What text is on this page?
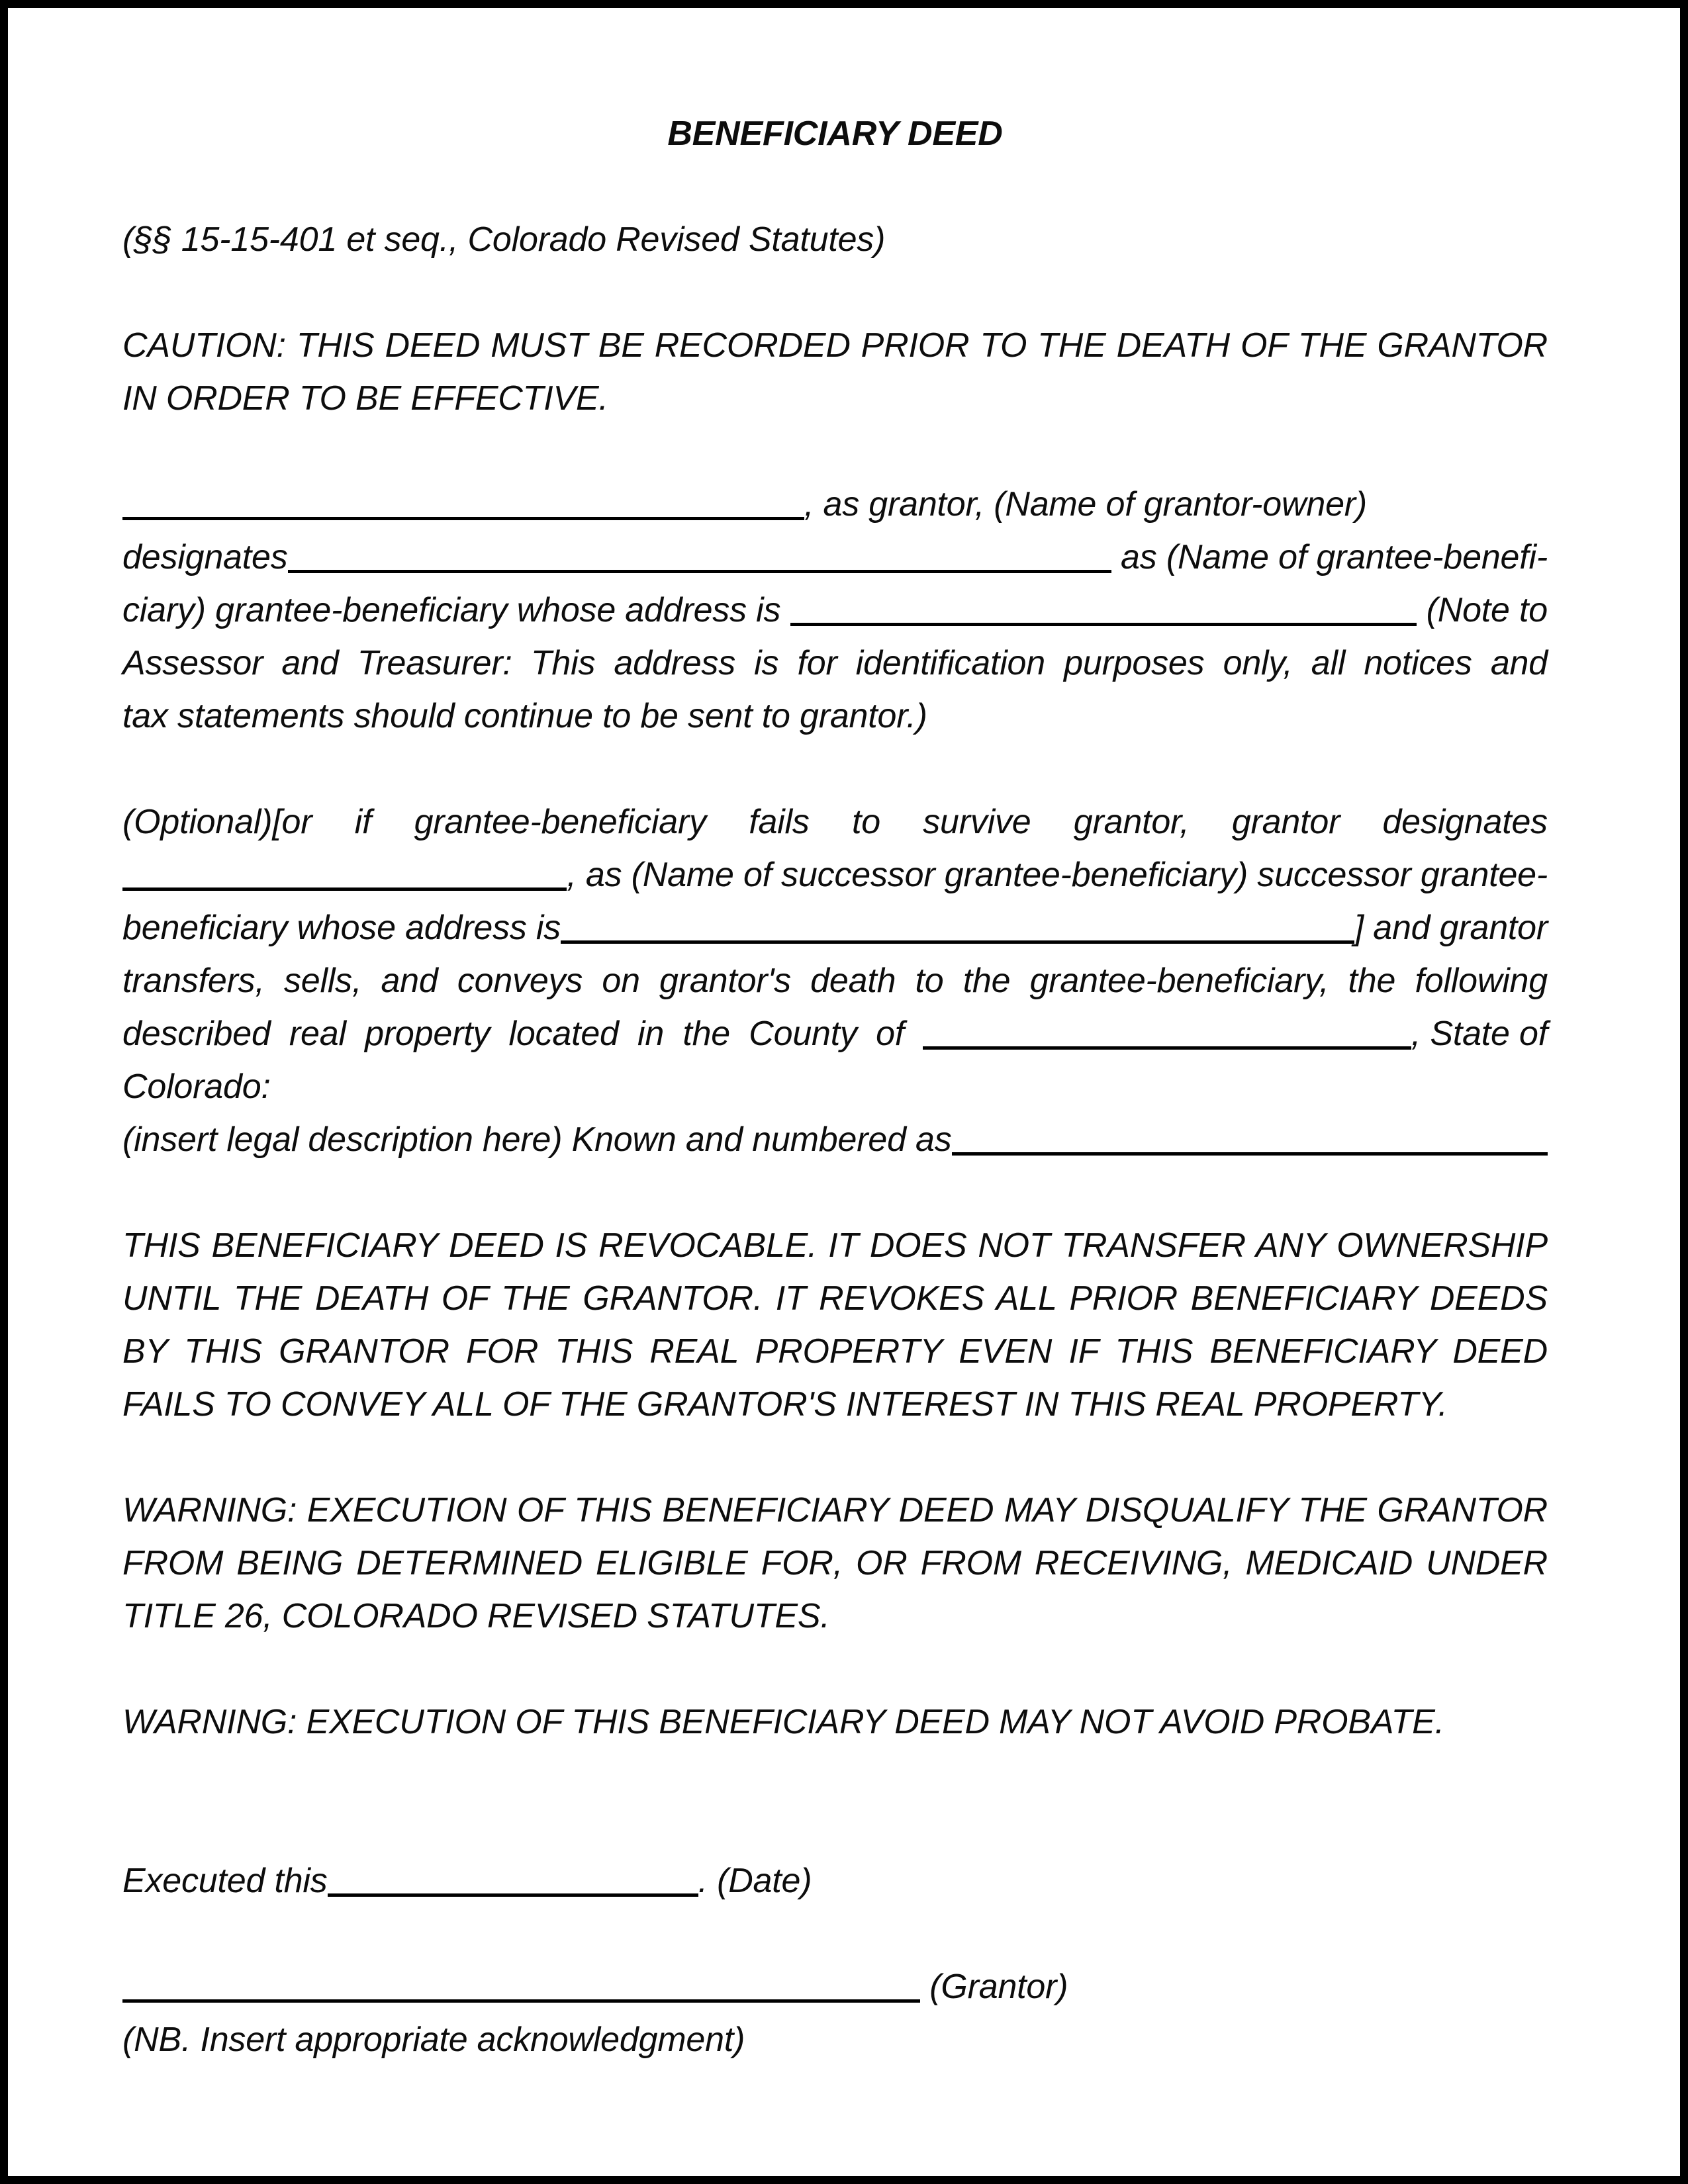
BENEFICIARY DEED
(§§ 15-15-401 et seq., Colorado Revised Statutes)
CAUTION: THIS DEED MUST BE RECORDED PRIOR TO THE DEATH OF THE GRANTOR
IN ORDER TO BE EFFECTIVE.
, as grantor, (Name of grantor-owner)
designates	as (Name of grantee-benefi-
ciary) grantee-beneficiary whose address is	(Note to
Assessor and Treasurer: This address is for identification purposes only, all notices and
tax statements should continue to be sent to grantor.)
(Optional)[or if grantee-beneficiary fails to survive grantor, grantor designates
, as (Name of successor grantee-beneficiary) successor grantee-
beneficiary whose address is	] and grantor
transfers, sells, and conveys on grantor's death to the grantee-beneficiary, the following
described real property located in the County of	, State of
Colorado:
(insert legal description here) Known and numbered as
THIS BENEFICIARY DEED IS REVOCABLE. IT DOES NOT TRANSFER ANY OWNERSHIP
UNTIL THE DEATH OF THE GRANTOR. IT REVOKES ALL PRIOR BENEFICIARY DEEDS
BY THIS GRANTOR FOR THIS REAL PROPERTY EVEN IF THIS BENEFICIARY DEED
FAILS TO CONVEY ALL OF THE GRANTOR'S INTEREST IN THIS REAL PROPERTY.
WARNING: EXECUTION OF THIS BENEFICIARY DEED MAY DISQUALIFY THE GRANTOR
FROM BEING DETERMINED ELIGIBLE FOR, OR FROM RECEIVING, MEDICAID UNDER
TITLE 26, COLORADO REVISED STATUTES.
WARNING: EXECUTION OF THIS BENEFICIARY DEED MAY NOT AVOID PROBATE.
Executed this	. (Date)
(Grantor)
(NB. Insert appropriate acknowledgment)
